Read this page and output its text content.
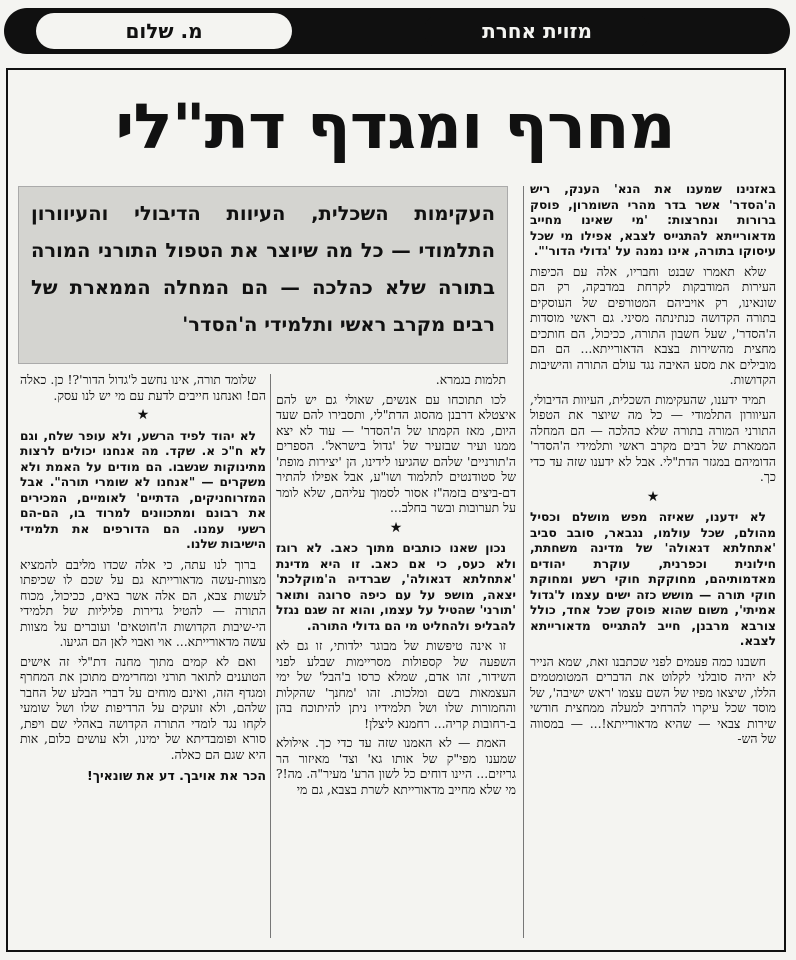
מזוית אחרת
מ. שלום
מחרף ומגדף דת"לי
העקימות השכלית, העיוות הדיבולי והעיוורון התלמודי — כל מה שיוצר את הטפול התורני המורה בתורה שלא כהלכה — הם המחלה הממארת של רבים מקרב ראשי ותלמידי ה'הסדר'

באזנינו שמענו את הנא' הענק, ריש ה'הסדר' אשר בדר מהרי השומרון, פוסק ברורות ונחרצות: 'מי שאינו מחייב מדאורייתא להתגייס לצבא, אפילו מי שכל עיסוקו בתורה, אינו נמנה על 'גדולי הדור'".

שלא תאמרו שבנט וחבריו, אלה עם הכיפות העירות המודבקות לקרחת במדבקה, רק הם שונאינו, רק אויביהם המטורפים של העוסקים בתורה הקדושה כנתינתה מסיני. גם ראשי מוסדות ה'הסדר', שעל חשבון התורה, ככיכול, הם חותכים מחצית מהשירות בצבא הדאורייתא... הם הם מובילים את מסע האיבה נגד עולם התורה והישיבות הקדושות.

תמיד ידענו, שהעקימות השכלית, העיוות הדיבולי, העיוורון התלמודי — כל מה שיוצר את הטפול התורני המורה בתורה שלא כהלכה — הם המחלה הממארת של רבים מקרב ראשי ותלמידי ה'הסדר' הדומיהם במגזר הדת"לי. אבל לא ידענו שזה עד כדי כך.

★

לא ידענו, שאיזה מפש מושלם וכסיל מהולם, שכל עולמו, נגבאר, סובב סביב 'אתחלתא דגאולה' של מדינה משחתת, חילונית וכפרנית, עוקרת יהודים מאדמותיהם, מחוקקת חוקי רשע ומחוקת חוקי תורה — מושש כזה ישים עצמו ל'גדול אמיתי', משום שהוא פוסק שכל אחד, כולל צורבא מרבנן, חייב להתגייס מדאורייתא לצבא.

חשבנו כמה פעמים לפני שכתבנו זאת, שמא הנייר לא יהיה סובלני לקלוט את הדברים המטומטמים הללו, שיצאו מפיו של השם עצמו 'ראש ישיבה', של מוסד שכל עיקרו להרחיב למעלה ממחצית חודשי שירות צבאי — שהיא מדאורייתא!... — במסווה של הש-

תלמות בגמרא.

לכו תתוכחו עם אנשים, שאולי גם יש להם איצטלא דרבנן מהסוג הדת"לי, ותסבירו להם שעד היום, מאז הקמתו של ה'הסדר' — עוד לא יצא ממנו ועיר שבזעיר של 'גדול בישראל'. הספרים ה'תורניים' שלהם שהגיעו לידינו, הן 'יצירות מופת' של סטודנטים לתלמוד ושו"ע, אבל אפילו להתיר דם-ביצים בזמה"ז אסור לסמוך עליהם, שלא לומר על תערובות ובשר בחלב...

★

נכון שאנו כותבים מתוך כאב. לא רוגז ולא כעס, כי אם כאב. זו היא מדינת 'אתחלתא דגאולה', שברדיה ה'מוקלכת' יצאה, מושפ על עם כיפה סרוגה ותואר 'תורני' שהטיל על עצמו, והוא זה שגם נגזל להבליפ ולהחליט מי הם גדולי התורה.

זו אינה טיפשות של מבוגר ילדותי, זו גם לא השפעה של קספולות מסריימות שבלע לפני השידור, זהו אדם, שמלא כרסו ב'הבל' של ימי העצמאות בשם ומלכות. זהו 'מחנך' שהקלות והחמורות שלו ושל תלמידיו ניתן להיתוכח בהן ב-רחובות קריה... רחמנא ליצלן!

האמת — לא האמנו שזה עד כדי כך. אילולא שמענו מפי"ק של אותו גא' וצד' מאיזור הר גריזים... היינו דוחים כל לשון הרע' מעיר"ה. מה!? מי שלא מחייב מדאורייתא לשרת בצבא, גם מי

שלומד תורה, אינו נחשב ל'גדול הדור'?! כן. כאלה הם! ואנחנו חייבים לדעת עם מי יש לנו עסק.

★

לא יהוד לפיד הרשע, ולא עופר שלח, וגם לא ח"כ א. שקד. מה אנחנו יכולים לרצות מתינוקות שנשבו. הם מודים על האמת ולא משקרים — "אנחנו לא שומרי תורה". אבל המזרוחניקים, הדתיים' לאומיים, המכירים את רבונם ומתכוונים למרוד בו, הם-הם רשעי עמנו. הם הדורפים את תלמידי הישיבות שלנו.

ברוך לנו עתה, כי אלה שכדו מליבם להמציא מצוות-עשה מדאורייתא גם על שכם לו שכיפתו לעשות צבא, הם אלה אשר באים, ככיכול, מכוח התורה — להטיל גדירות פליליות של תלמידי הי-שיבות הקדושות ה'חוטאים' ועוברים על מצוות עשה מדאורייתא... אוי ואבוי לאן הם הגיעו.

ואם לא קמים מתוך מחנה דת"לי זה אישים הטוענים לתואר תורני ומחרימים מתוכן את המחרף ומגדף הזה, ואינם מוחים על דברי הבלע של החבר שלהם, ולא זועקים על הרדיפות שלו ושל שומעי לקחו נגד לומדי התורה הקדושה באהלי שם ויפת, סורא ופומבדיתא של ימינו, ולא עושים כלום, אות היא שגם הם כאלה.

הכר את אויבך. דע את שונאיך!
